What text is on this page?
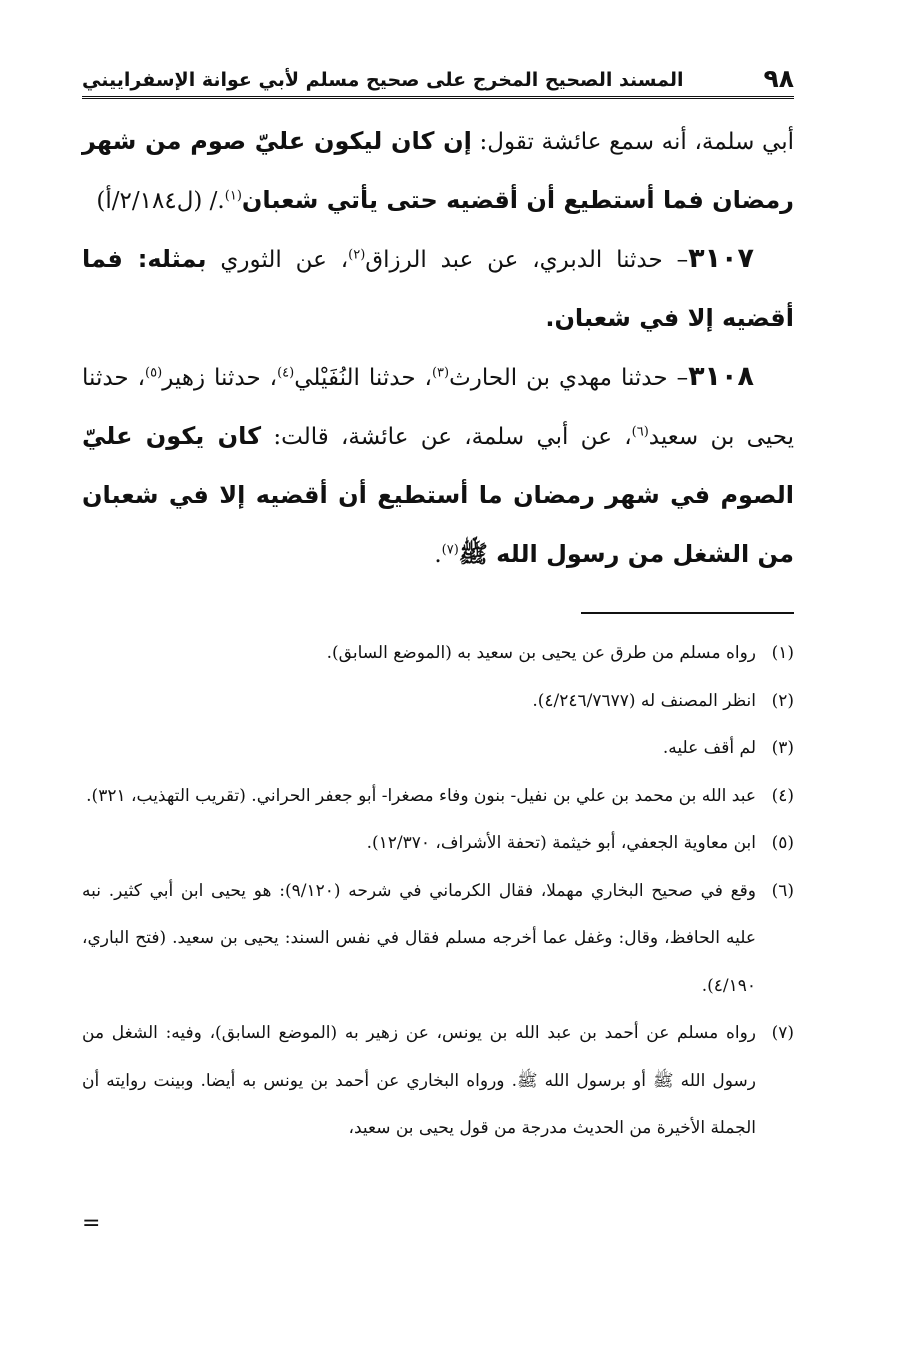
٩٨
المسند الصحيح المخرج على صحيح مسلم لأبي عوانة الإسفراييني

أبي سلمة، أنه سمع عائشة تقول: إن كان ليكون عليّ صوم من شهر رمضان فما أستطيع أن أقضيه حتى يأتي شعبان$^{(١)}$./ (ل٢/١٨٤/أ)

٣١٠٧– حدثنا الدبري، عن عبد الرزاق$^{(٢)}$، عن الثوري بمثله: فما أقضيه إلا في شعبان.

٣١٠٨– حدثنا مهدي بن الحارث$^{(٣)}$، حدثنا النُفَيْلي$^{(٤)}$، حدثنا زهير$^{(٥)}$، حدثنا يحيى بن سعيد$^{(٦)}$، عن أبي سلمة، عن عائشة، قالت: كان يكون عليّ الصوم في شهر رمضان ما أستطيع أن أقضيه إلا في شعبان من الشغل من رسول الله ﷺ$^{(٧)}$.

(١)رواه مسلم من طرق عن يحيى بن سعيد به (الموضع السابق).

(٢)انظر المصنف له (٤/٢٤٦/٧٦٧٧).

(٣)لم أقف عليه.

(٤)عبد الله بن محمد بن علي بن نفيل- بنون وفاء مصغرا- أبو جعفر الحراني. (تقريب التهذيب، ٣٢١).

(٥)ابن معاوية الجعفي، أبو خيثمة (تحفة الأشراف، ١٢/٣٧٠).

(٦)وقع في صحيح البخاري مهملا، فقال الكرماني في شرحه (٩/١٢٠): هو يحيى ابن أبي كثير. نبه عليه الحافظ، وقال: وغفل عما أخرجه مسلم فقال في نفس السند: يحيى بن سعيد. (فتح الباري، ٤/١٩٠).

(٧)رواه مسلم عن أحمد بن عبد الله بن يونس، عن زهير به (الموضع السابق)، وفيه: الشغل من رسول الله ﷺ أو برسول الله ﷺ. ورواه البخاري عن أحمد بن يونس به أيضا. وبينت روايته أن الجملة الأخيرة من الحديث مدرجة من قول يحيى بن سعيد،

=
